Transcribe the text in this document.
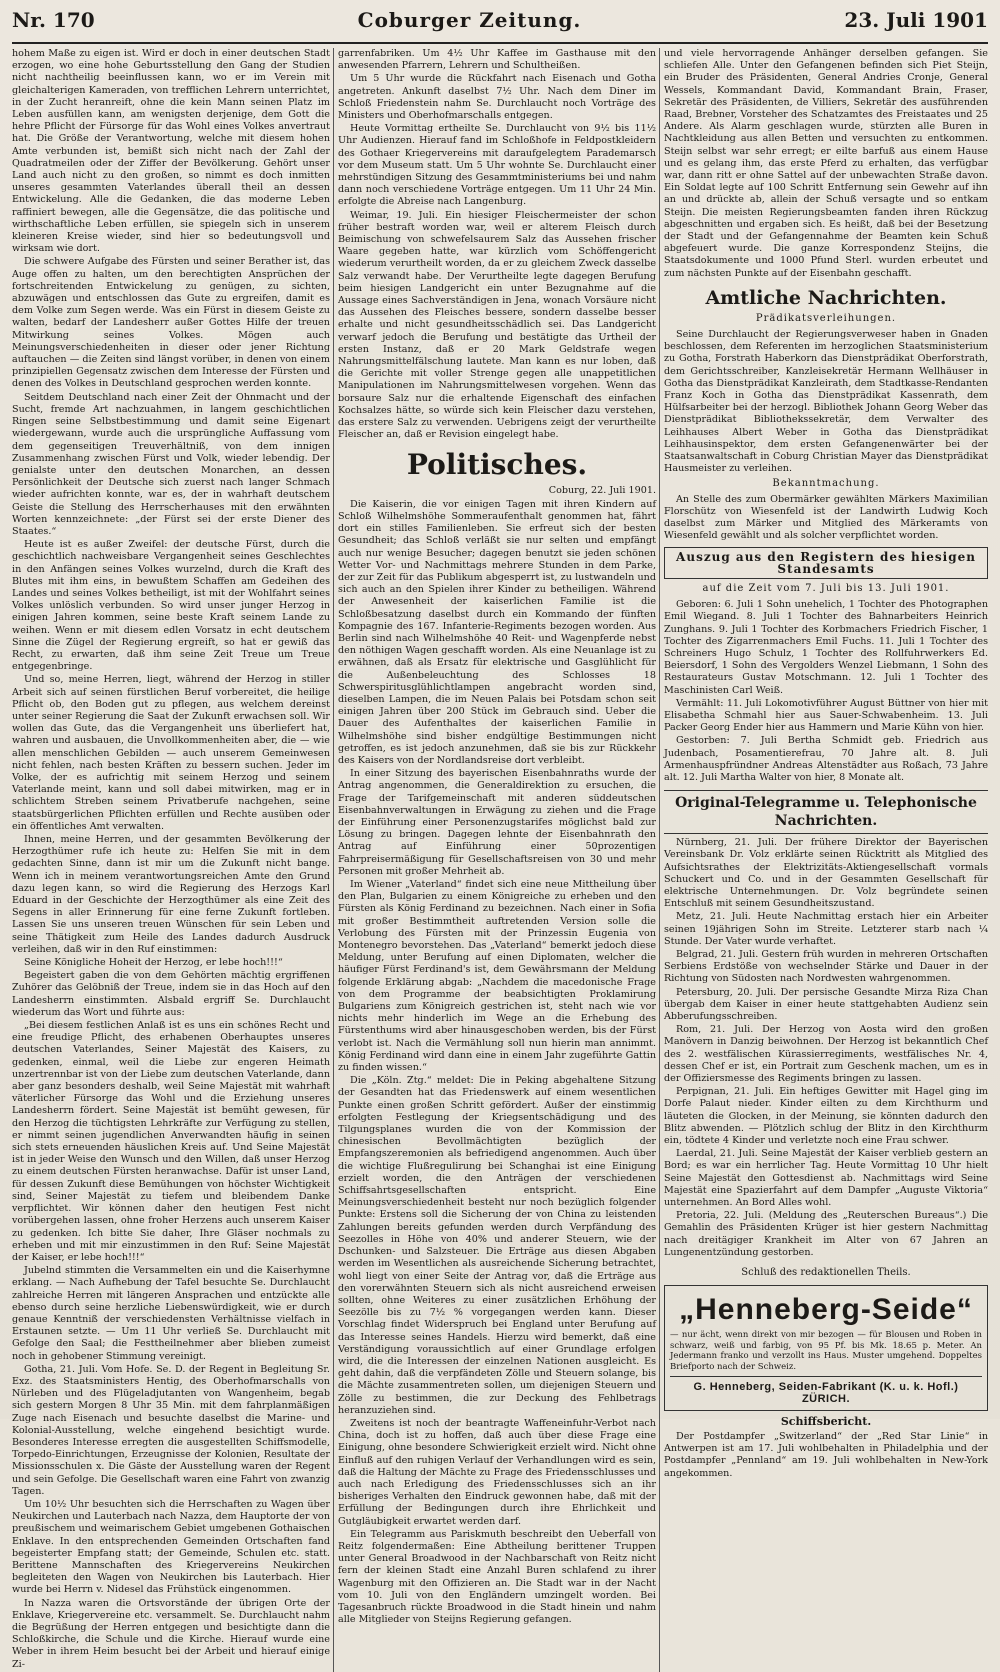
Nr. 170	Coburger Zeitung.	23. Juli 1901

hohem Maße zu eigen ist. Wird er doch in einer deutschen Stadt erzogen, wo eine hohe Geburtsstellung den Gang der Studien nicht nachtheilig beeinflussen kann, wo er im Verein mit gleichalterigen Kameraden, von trefflichen Lehrern unterrichtet, in der Zucht heranreift, ohne die kein Mann seinen Platz im Leben ausfüllen kann, am wenigsten derjenige, dem Gott die hehre Pflicht der Fürsorge für das Wohl eines Volkes anvertraut hat. Die Größe der Verantwortung, welche mit diesem hohen Amte verbunden ist, bemißt sich nicht nach der Zahl der Quadratmeilen oder der Ziffer der Bevölkerung. Gehört unser Land auch nicht zu den großen, so nimmt es doch inmitten unseres gesammten Vaterlandes überall theil an dessen Entwickelung. Alle die Gedanken, die das moderne Leben raffiniert bewegen, alle die Gegensätze, die das politische und wirthschaftliche Leben erfüllen, sie spiegeln sich in unserem kleineren Kreise wieder, sind hier so bedeutungsvoll und wirksam wie dort.

Die schwere Aufgabe des Fürsten und seiner Berather ist, das Auge offen zu halten, um den berechtigten Ansprüchen der fortschreitenden Entwickelung zu genügen, zu sichten, abzuwägen und entschlossen das Gute zu ergreifen, damit es dem Volke zum Segen werde. Was ein Fürst in diesem Geiste zu walten, bedarf der Landesherr außer Gottes Hilfe der treuen Mitwirkung seines Volkes. Mögen auch Meinungsverschiedenheiten in dieser oder jener Richtung auftauchen — die Zeiten sind längst vorüber, in denen von einem prinzipiellen Gegensatz zwischen dem Interesse der Fürsten und denen des Volkes in Deutschland gesprochen werden konnte.

Seitdem Deutschland nach einer Zeit der Ohnmacht und der Sucht, fremde Art nachzuahmen, in langem geschichtlichen Ringen seine Selbstbestimmung und damit seine Eigenart wiedergewann, wurde auch die ursprüngliche Auffassung vom dem gegenseitigen Treuverhältniß, von dem innigen Zusammenhang zwischen Fürst und Volk, wieder lebendig. Der genialste unter den deutschen Monarchen, an dessen Persönlichkeit der Deutsche sich zuerst nach langer Schmach wieder aufrichten konnte, war es, der in wahrhaft deutschem Geiste die Stellung des Herrscherhauses mit den erwähnten Worten kennzeichnete: „der Fürst sei der erste Diener des Staates.“

Heute ist es außer Zweifel: der deutsche Fürst, durch die geschichtlich nachweisbare Vergangenheit seines Geschlechtes in den Anfängen seines Volkes wurzelnd, durch die Kraft des Blutes mit ihm eins, in bewußtem Schaffen am Gedeihen des Landes und seines Volkes betheiligt, ist mit der Wohlfahrt seines Volkes unlöslich verbunden. So wird unser junger Herzog in einigen Jahren kommen, seine beste Kraft seinem Lande zu weihen. Wenn er mit diesem edlen Vorsatz in echt deutschem Sinne die Zügel der Regierung ergreift, so hat er gewiß das Recht, zu erwarten, daß ihm seine Zeit Treue um Treue entgegenbringe.

Und so, meine Herren, liegt, während der Herzog in stiller Arbeit sich auf seinen fürstlichen Beruf vorbereitet, die heilige Pflicht ob, den Boden gut zu pflegen, aus welchem dereinst unter seiner Regierung die Saat der Zukunft erwachsen soll. Wir wollen das Gute, das die Vergangenheit uns überliefert hat, wahren und ausbauen, die Unvollkommenheiten aber, die — wie allen menschlichen Gebilden — auch unserem Gemeinwesen nicht fehlen, nach besten Kräften zu bessern suchen. Jeder im Volke, der es aufrichtig mit seinem Herzog und seinem Vaterlande meint, kann und soll dabei mitwirken, mag er in schlichtem Streben seinem Privatberufe nachgehen, seine staatsbürgerlichen Pflichten erfüllen und Rechte ausüben oder ein öffentliches Amt verwalten.

Ihnen, meine Herren, und der gesammten Bevölkerung der Herzogthümer rufe ich heute zu: Helfen Sie mit in dem gedachten Sinne, dann ist mir um die Zukunft nicht bange. Wenn ich in meinem verantwortungsreichen Amte den Grund dazu legen kann, so wird die Regierung des Herzogs Karl Eduard in der Geschichte der Herzogthümer als eine Zeit des Segens in aller Erinnerung für eine ferne Zukunft fortleben. Lassen Sie uns unseren treuen Wünschen für sein Leben und seine Thätigkeit zum Heile des Landes dadurch Ausdruck verleihen, daß wir in den Ruf einstimmen:

Seine Königliche Hoheit der Herzog, er lebe hoch!!!“

Begeistert gaben die von dem Gehörten mächtig ergriffenen Zuhörer das Gelöbniß der Treue, indem sie in das Hoch auf den Landesherrn einstimmten. Alsbald ergriff Se. Durchlaucht wiederum das Wort und führte aus:

„Bei diesem festlichen Anlaß ist es uns ein schönes Recht und eine freudige Pflicht, des erhabenen Oberhauptes unseres deutschen Vaterlandes, Seiner Majestät des Kaisers, zu gedenken, einmal, weil die Liebe zur engeren Heimath unzertrennbar ist von der Liebe zum deutschen Vaterlande, dann aber ganz besonders deshalb, weil Seine Majestät mit wahrhaft väterlicher Fürsorge das Wohl und die Erziehung unseres Landesherrn fördert. Seine Majestät ist bemüht gewesen, für den Herzog die tüchtigsten Lehrkräfte zur Verfügung zu stellen, er nimmt seinen jugendlichen Anverwandten häufig in seinen sich stets erneuenden häuslichen Kreis auf. Und Seine Majestät ist in jeder Weise den Wunsch und den Willen, daß unser Herzog zu einem deutschen Fürsten heranwachse. Dafür ist unser Land, für dessen Zukunft diese Bemühungen von höchster Wichtigkeit sind, Seiner Majestät zu tiefem und bleibendem Danke verpflichtet. Wir können daher den heutigen Fest nicht vorübergehen lassen, ohne froher Herzens auch unserem Kaiser zu gedenken. Ich bitte Sie daher, Ihre Gläser nochmals zu erheben und mit mir einzustimmen in den Ruf: Seine Majestät der Kaiser, er lebe hoch!!!“

Jubelnd stimmten die Versammelten ein und die Kaiserhymne erklang. — Nach Aufhebung der Tafel besuchte Se. Durchlaucht zahlreiche Herren mit längeren Ansprachen und entzückte alle ebenso durch seine herzliche Liebenswürdigkeit, wie er durch genaue Kenntniß der verschiedensten Verhältnisse vielfach in Erstaunen setzte. — Um 11 Uhr verließ Se. Durchlaucht mit Gefolge den Saal; die Festtheilnehmer aber blieben zumeist noch in gehobener Stimmung vereinigt.

Gotha, 21. Juli. Vom Hofe. Se. D. der Regent in Begleitung Sr. Exz. des Staatsministers Hentig, des Oberhofmarschalls von Nürleben und des Flügeladjutanten von Wangenheim, begab sich gestern Morgen 8 Uhr 35 Min. mit dem fahrplanmäßigen Zuge nach Eisenach und besuchte daselbst die Marine- und Kolonial-Ausstellung, welche eingehend besichtigt wurde. Besonderes Interesse erregten die ausgestellten Schiffsmodelle, Torpedo-Einrichtungen, Erzeugnisse der Kolonien, Resultate der Missionsschulen x. Die Gäste der Ausstellung waren der Regent und sein Gefolge. Die Gesellschaft waren eine Fahrt von zwanzig Tagen.

Um 10½ Uhr besuchten sich die Herrschaften zu Wagen über Neukirchen und Lauterbach nach Nazza, dem Hauptorte der von preußischem und weimarischem Gebiet umgebenen Gothaischen Enklave. In den entsprechenden Gemeinden Ortschaften fand begeisterter Empfang statt; der Gemeinde, Schulen etc. statt. Berittene Mannschaften des Kriegervereins Neukirchen begleiteten den Wagen von Neukirchen bis Lauterbach. Hier wurde bei Herrn v. Nidesel das Frühstück eingenommen.

In Nazza waren die Ortsvorstände der übrigen Orte der Enklave, Kriegervereine etc. versammelt. Se. Durchlaucht nahm die Begrüßung der Herren entgegen und besichtigte dann die Schloßkirche, die Schule und die Kirche. Hierauf wurde eine Weber in ihrem Heim besucht bei der Arbeit und hierauf einige Zi-

garrenfabriken. Um 4½ Uhr Kaffee im Gasthause mit den anwesenden Pfarrern, Lehrern und Schultheißen.

Um 5 Uhr wurde die Rückfahrt nach Eisenach und Gotha angetreten. Ankunft daselbst 7½ Uhr. Nach dem Diner im Schloß Friedenstein nahm Se. Durchlaucht noch Vorträge des Ministers und Oberhofmarschalls entgegen.

Heute Vormittag ertheilte Se. Durchlaucht von 9½ bis 11½ Uhr Audienzen. Hierauf fand im Schloßhofe in Feldpostkleidern des Gothaer Kriegervereins mit daraufgelegtem Parademarsch vor dem Museum statt. Um 5 Uhr wohnte Se. Durchlaucht einer mehrstündigen Sitzung des Gesammtministeriums bei und nahm dann noch verschiedene Vorträge entgegen. Um 11 Uhr 24 Min. erfolgte die Abreise nach Langenburg.

Weimar, 19. Juli. Ein hiesiger Fleischermeister der schon früher bestraft worden war, weil er alterem Fleisch durch Beimischung von schwefelsaurem Salz das Aussehen frischer Waare gegeben hatte, war kürzlich vom Schöffengericht wiederum verurtheilt worden, da er zu gleichem Zweck dasselbe Salz verwandt habe. Der Verurtheilte legte dagegen Berufung beim hiesigen Landgericht ein unter Bezugnahme auf die Aussage eines Sachverständigen in Jena, wonach Vorsäure nicht das Aussehen des Fleisches bessere, sondern dasselbe besser erhalte und nicht gesundheitsschädlich sei. Das Landgericht verwarf jedoch die Berufung und bestätigte das Urtheil der ersten Instanz, daß er 20 Mark Geldstrafe wegen Nahrungsmittelfälschung lautete. Man kann es nur loben, daß die Gerichte mit voller Strenge gegen alle unappetitlichen Manipulationen im Nahrungsmittelwesen vorgehen. Wenn das borsaure Salz nur die erhaltende Eigenschaft des einfachen Kochsalzes hätte, so würde sich kein Fleischer dazu verstehen, das erstere Salz zu verwenden. Uebrigens zeigt der verurtheilte Fleischer an, daß er Revision eingelegt habe.

Politisches.
Coburg, 22. Juli 1901.

Die Kaiserin, die vor einigen Tagen mit ihren Kindern auf Schloß Wilhelmshöhe Sommeraufenthalt genommen hat, fährt dort ein stilles Familienleben. Sie erfreut sich der besten Gesundheit; das Schloß verläßt sie nur selten und empfängt auch nur wenige Besucher; dagegen benutzt sie jeden schönen Wetter Vor- und Nachmittags mehrere Stunden in dem Parke, der zur Zeit für das Publikum abgesperrt ist, zu lustwandeln und sich auch an den Spielen ihrer Kinder zu betheiligen. Während der Anwesenheit der kaiserlichen Familie ist die Schloßbesatzung daselbst durch ein Kommando der fünften Kompagnie des 167. Infanterie-Regiments bezogen worden. Aus Berlin sind nach Wilhelmshöhe 40 Reit- und Wagenpferde nebst den nöthigen Wagen geschafft worden. Als eine Neuanlage ist zu erwähnen, daß als Ersatz für elektrische und Gasglühlicht für die Außenbeleuchtung des Schlosses 18 Schwerspiritusglühlichtlampen angebracht worden sind, dieselben Lampen, die im Neuen Palais bei Potsdam schon seit einigen Jahren über 200 Stück im Gebrauch sind. Ueber die Dauer des Aufenthaltes der kaiserlichen Familie in Wilhelmshöhe sind bisher endgültige Bestimmungen nicht getroffen, es ist jedoch anzunehmen, daß sie bis zur Rückkehr des Kaisers von der Nordlandsreise dort verbleibt.

In einer Sitzung des bayerischen Eisenbahnraths wurde der Antrag angenommen, die Generaldirektion zu ersuchen, die Frage der Tarifgemeinschaft mit anderen süddeutschen Eisenbahnverwaltungen in Erwägung zu ziehen und die Frage der Einführung einer Personenzugstarifes möglichst bald zur Lösung zu bringen. Dagegen lehnte der Eisenbahnrath den Antrag auf Einführung einer 50prozentigen Fahrpreisermäßigung für Gesellschaftsreisen von 30 und mehr Personen mit großer Mehrheit ab.

Im Wiener „Vaterland“ findet sich eine neue Mittheilung über den Plan, Bulgarien zu einem Königreiche zu erheben und den Fürsten als König Ferdinand zu bezeichnen. Nach einer in Sofia mit großer Bestimmtheit auftretenden Version solle die Verlobung des Fürsten mit der Prinzessin Eugenia von Montenegro bevorstehen. Das „Vaterland“ bemerkt jedoch diese Meldung, unter Berufung auf einen Diplomaten, welcher die häufiger Fürst Ferdinand's ist, dem Gewährsmann der Meldung folgende Erklärung abgab: „Nachdem die macedonische Frage von dem Programme der beabsichtigten Proklamirung Bulgariens zum Königreich gestrichen ist, steht nach wie vor nichts mehr hinderlich im Wege an die Erhebung des Fürstenthums wird aber hinausgeschoben werden, bis der Fürst verlobt ist. Nach die Vermählung soll nun hierin man annimmt. König Ferdinand wird dann eine in einem Jahr zugeführte Gattin zu finden wissen.“

Die „Köln. Ztg.“ meldet: Die in Peking abgehaltene Sitzung der Gesandten hat das Friedenswerk auf einem wesentlichen Punkte einen großen Schritt gefördert. Außer der einstimmig erfolgten Festlegung der Kriegsentschädigung und des Tilgungsplanes wurden die von der Kommission der chinesischen Bevollmächtigten bezüglich der Empfangszeremonien als befriedigend angenommen. Auch über die wichtige Flußregulirung bei Schanghai ist eine Einigung erzielt worden, die den Anträgen der verschiedenen Schiffsahrtsgesellschaften entspricht. Eine Meinungsverschiedenheit besteht nur noch bezüglich folgender Punkte: Erstens soll die Sicherung der von China zu leistenden Zahlungen bereits gefunden werden durch Verpfändung des Seezolles in Höhe von 40% und anderer Steuern, wie der Dschunken- und Salzsteuer. Die Erträge aus diesen Abgaben werden im Wesentlichen als ausreichende Sicherung betrachtet, wohl liegt von einer Seite der Antrag vor, daß die Erträge aus den vorerwähnten Steuern sich als nicht ausreichend erweisen sollten, ohne Weiteres zu einer zusätzlichen Erhöhung der Seezölle bis zu 7½ % vorgegangen werden kann. Dieser Vorschlag findet Widerspruch bei England unter Berufung auf das Interesse seines Handels. Hierzu wird bemerkt, daß eine Verständigung voraussichtlich auf einer Grundlage erfolgen wird, die die Interessen der einzelnen Nationen ausgleicht. Es geht dahin, daß die verpfändeten Zölle und Steuern solange, bis die Mächte zusammentreten sollen, um diejenigen Steuern und Zölle zu bestimmen, die zur Deckung des Fehlbetrags heranzuziehen sind.

Zweitens ist noch der beantragte Waffeneinfuhr-Verbot nach China, doch ist zu hoffen, daß auch über diese Frage eine Einigung, ohne besondere Schwierigkeit erzielt wird. Nicht ohne Einfluß auf den ruhigen Verlauf der Verhandlungen wird es sein, daß die Haltung der Mächte zu Frage des Friedensschlusses und auch nach Erledigung des Friedensschlusses sich an ihr bisheriges Verhalten den Eindruck gewonnen habe, daß mit der Erfüllung der Bedingungen durch ihre Ehrlichkeit und Gutgläubigkeit erwartet werden darf.

Ein Telegramm aus Pariskmuth beschreibt den Ueberfall von Reitz folgendermaßen: Eine Abtheilung berittener Truppen unter General Broadwood in der Nachbarschaft von Reitz nicht fern der kleinen Stadt eine Anzahl Buren schlafend zu ihrer Wagenburg mit den Offizieren an. Die Stadt war in der Nacht vom 10. Juli von den Engländern umzingelt worden. Bei Tagesanbruch rückte Broadwood in die Stadt hinein und nahm alle Mitglieder von Steijns Regierung gefangen.

und viele hervorragende Anhänger derselben gefangen. Sie schliefen Alle. Unter den Gefangenen befinden sich Piet Steijn, ein Bruder des Präsidenten, General Andries Cronje, General Wessels, Kommandant David, Kommandant Brain, Fraser, Sekretär des Präsidenten, de Villiers, Sekretär des ausführenden Raad, Brebner, Vorsteher des Schatzamtes des Freistaates und 25 Andere. Als Alarm geschlagen wurde, stürzten alle Buren in Nachtkleidung aus allen Betten und versuchten zu entkommen. Steijn selbst war sehr erregt; er eilte barfuß aus einem Hause und es gelang ihm, das erste Pferd zu erhalten, das verfügbar war, dann ritt er ohne Sattel auf der unbewachten Straße davon. Ein Soldat legte auf 100 Schritt Entfernung sein Gewehr auf ihn an und drückte ab, allein der Schuß versagte und so entkam Steijn. Die meisten Regierungsbeamten fanden ihren Rückzug abgeschnitten und ergaben sich. Es heißt, daß bei der Besetzung der Stadt und der Gefangennahme der Beamten kein Schuß abgefeuert wurde. Die ganze Korrespondenz Steijns, die Staatsdokumente und 1000 Pfund Sterl. wurden erbeutet und zum nächsten Punkte auf der Eisenbahn geschafft.

Amtliche Nachrichten.
Prädikatsverleihungen.

Seine Durchlaucht der Regierungsverweser haben in Gnaden beschlossen, dem Referenten im herzoglichen Staatsministerium zu Gotha, Forstrath Haberkorn das Dienstprädikat Oberforstrath, dem Gerichtsschreiber, Kanzleisekretär Hermann Wellhäuser in Gotha das Dienstprädikat Kanzleirath, dem Stadtkasse-Rendanten Franz Koch in Gotha das Dienstprädikat Kassenrath, dem Hülfsarbeiter bei der herzogl. Bibliothek Johann Georg Weber das Dienstprädikat Bibliothekssekretär, dem Verwalter des Leihhauses Albert Weber in Gotha das Dienstprädikat Leihhausinspektor, dem ersten Gefangenenwärter bei der Staatsanwaltschaft in Coburg Christian Mayer das Dienstprädikat Hausmeister zu verleihen.

Bekanntmachung.

An Stelle des zum Obermärker gewählten Märkers Maximilian Florschütz von Wiesenfeld ist der Landwirth Ludwig Koch daselbst zum Märker und Mitglied des Märkeramts von Wiesenfeld gewählt und als solcher verpflichtet worden.

Auszug aus den Registern des hiesigen Standesamts
auf die Zeit vom 7. Juli bis 13. Juli 1901.

Geboren: 6. Juli 1 Sohn unehelich, 1 Tochter des Photographen Emil Wiegand. 8. Juli 1 Tochter des Bahnarbeiters Heinrich Zunghans. 9. Juli 1 Tochter des Korbmachers Friedrich Fischer, 1 Tochter des Zigarrenmachers Emil Fuchs. 11. Juli 1 Tochter des Schreiners Hugo Schulz, 1 Tochter des Rollfuhrwerkers Ed. Beiersdorf, 1 Sohn des Vergolders Wenzel Liebmann, 1 Sohn des Restaurateurs Gustav Motschmann. 12. Juli 1 Tochter des Maschinisten Carl Weiß.

Vermählt: 11. Juli Lokomotivführer August Büttner von hier mit Elisabetha Schmahl hier aus Sauer-Schwabenheim. 13. Juli Packer Georg Ender hier aus Hammern und Marie Kühn von hier.

Gestorben: 7. Juli Bertha Schmidt geb. Friedrich aus Judenbach, Posamentierefrau, 70 Jahre alt. 8. Juli Armenhauspfründner Andreas Altenstädter aus Roßach, 73 Jahre alt. 12. Juli Martha Walter von hier, 8 Monate alt.

Original-Telegramme u. Telephonische Nachrichten.

Nürnberg, 21. Juli. Der frühere Direktor der Bayerischen Vereinsbank Dr. Volz erklärte seinen Rücktritt als Mitglied des Aufsichtsrathes der Elektrizitäts-Aktiengesellschaft vormals Schuckert und Co. und in der Gesammten Gesellschaft für elektrische Unternehmungen. Dr. Volz begründete seinen Entschluß mit seinem Gesundheitszustand.

Metz, 21. Juli. Heute Nachmittag erstach hier ein Arbeiter seinen 19jährigen Sohn im Streite. Letzterer starb nach ¼ Stunde. Der Vater wurde verhaftet.

Belgrad, 21. Juli. Gestern früh wurden in mehreren Ortschaften Serbiens Erdstöße von wechselnder Stärke und Dauer in der Richtung von Südosten nach Nordwesten wahrgenommen.

Petersburg, 20. Juli. Der persische Gesandte Mirza Riza Chan übergab dem Kaiser in einer heute stattgehabten Audienz sein Abberufungsschreiben.

Rom, 21. Juli. Der Herzog von Aosta wird den großen Manövern in Danzig beiwohnen. Der Herzog ist bekanntlich Chef des 2. westfälischen Kürassierregiments, westfälisches Nr. 4, dessen Chef er ist, ein Portrait zum Geschenk machen, um es in der Offiziersmesse des Regiments bringen zu lassen.

Perpignan, 21. Juli. Ein heftiges Gewitter mit Hagel ging im Dorfe Palaut nieder. Kinder eilten zu dem Kirchthurm und läuteten die Glocken, in der Meinung, sie könnten dadurch den Blitz abwenden. — Plötzlich schlug der Blitz in den Kirchthurm ein, tödtete 4 Kinder und verletzte noch eine Frau schwer.

Laerdal, 21. Juli. Seine Majestät der Kaiser verblieb gestern an Bord; es war ein herrlicher Tag. Heute Vormittag 10 Uhr hielt Seine Majestät den Gottesdienst ab. Nachmittags wird Seine Majestät eine Spazierfahrt auf dem Dampfer „Auguste Viktoria“ unternehmen. An Bord Alles wohl.

Pretoria, 22. Juli. (Meldung des „Reuterschen Bureaus“.) Die Gemahlin des Präsidenten Krüger ist hier gestern Nachmittag nach dreitägiger Krankheit im Alter von 67 Jahren an Lungenentzündung gestorben.

Schluß des redaktionellen Theils.
„Henneberg-Seide“
— nur ächt, wenn direkt von mir bezogen — für Blousen und Roben in schwarz, weiß und farbig, von 95 Pf. bis Mk. 18.65 p. Meter. An Jedermann franko und verzollt ins Haus. Muster umgehend. Doppeltes Briefporto nach der Schweiz.
G. Henneberg, Seiden-Fabrikant (K. u. k. Hofl.) ZÜRICH.
Schiffsbericht.

Der Postdampfer „Switzerland“ der „Red Star Linie“ in Antwerpen ist am 17. Juli wohlbehalten in Philadelphia und der Postdampfer „Pennland“ am 19. Juli wohlbehalten in New-York angekommen.
